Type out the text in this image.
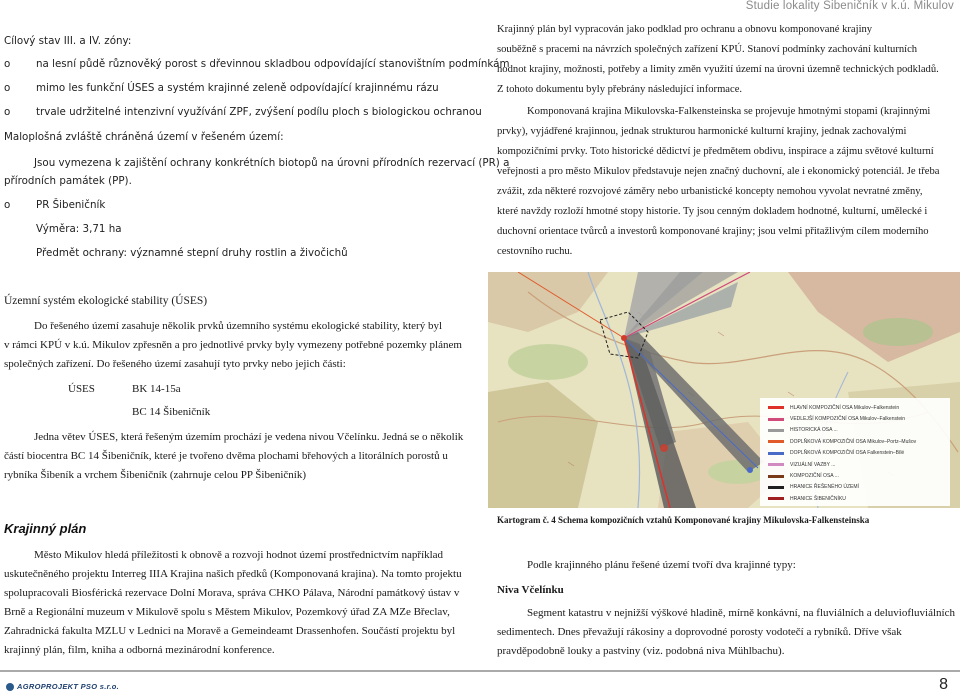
Studie lokality Šibeničník v k.ú. Mikulov
Cílový stav III. a IV. zóny:
o na lesní půdě různověký porost s dřevinnou skladbou odpovídající stanovištním podmínkám
o mimo les funkční ÚSES a systém krajinné zeleně odpovídající krajinnému rázu
o trvale udržitelné intenzivní využívání ZPF, zvýšení podílu ploch s biologickou ochranou
Maloplošná zvláště chráněná území v řešeném území:
Jsou vymezena k zajištění ochrany konkrétních biotopů na úrovni přírodních rezervací (PR) a
přírodních památek (PP).
o PR Šibeničník
Výměra: 3,71 ha
Předmět ochrany: významné stepní druhy rostlin a živočichů
Územní systém ekologické stability (ÚSES)
Do řešeného území zasahuje několik prvků územního systému ekologické stability, který byl
v rámci KPÚ v k.ú. Mikulov zpřesněn a pro jednotlivé prvky byly vymezeny potřebné pozemky plánem
společných zařízení. Do řešeného území zasahují tyto prvky nebo jejich části:
ÚSES	BK 14-15a
BC 14 Šibeničník
Jedna větev ÚSES, která řešeným územím prochází je vedena nivou Včelínku. Jedná se o několik
částí biocentra BC 14 Šibeničník, které je tvořeno dvěma plochami břehových a litorálních porostů u
rybníka Šibeník a vrchem Šibeničník (zahrnuje celou PP Šibeničník)
Krajinný plán
Město Mikulov hledá příležitosti k obnově a rozvoji hodnot území prostřednictvím například
uskutečněného projektu Interreg IIIA Krajina našich předků (Komponovaná krajina). Na tomto projektu
spolupracovali Biosférická rezervace Dolní Morava, správa CHKO Pálava, Národní památkový ústav v
Brně a Regionální muzeum v Mikulově spolu s Městem Mikulov, Pozemkový úřad ZA MZe Břeclav,
Zahradnická fakulta MZLU v Lednici na Moravě a Gemeindeamt Drassenhofen. Součástí projektu byl
krajinný plán, film, kniha a odborná mezinárodní konference.
Krajinný plán byl vypracován jako podklad pro ochranu a obnovu komponované krajiny
souběžně s pracemi na návrzích společných zařízení KPÚ. Stanoví podmínky zachování kulturních
hodnot krajiny, možnosti, potřeby a limity změn využití území na úrovni územně technických podkladů.
Z tohoto dokumentu byly přebrány následující informace.
Komponovaná krajina Mikulovska-Falkensteinska se projevuje hmotnými stopami (krajinnými
prvky), vyjádřené krajinnou, jednak strukturou harmonické kulturní krajiny, jednak zachovalými
kompozičními prvky. Toto historické dědictví je předmětem obdivu, inspirace a zájmu světové kulturní
veřejnosti a pro město Mikulov představuje nejen značný duchovní, ale i ekonomický potenciál. Je třeba
zvážit, zda některé rozvojové záměry nebo urbanistické koncepty nemohou vyvolat nevratné změny,
které navždy rozloží hmotné stopy historie. Ty jsou cenným dokladem hodnotné, kulturní, umělecké i
duchovní orientace tvůrců a investorů komponované krajiny; jsou velmi přitažlivým cílem moderního
cestovního ruchu.
HLAVNÍ KOMPOZIČNÍ OSA Mikulov–Falkenstein
VEDLEJŠÍ KOMPOZIČNÍ OSA Mikulov–Falkenstein
HISTORICKÁ OSA ...
DOPLŇKOVÁ KOMPOZIČNÍ OSA Mikulov–Portz–Mušov
DOPLŇKOVÁ KOMPOZIČNÍ OSA Falkenstein–Bílé
VIZUÁLNÍ VAZBY ...
KOMPOZIČNÍ OSA ...
HRANICE ŘEŠENÉHO ÚZEMÍ
HRANICE ŠIBENIČNÍKU
Kartogram č. 4 Schema kompozičních vztahů Komponované krajiny Mikulovska-Falkensteinska
Podle krajinného plánu řešené území tvoří dva krajinné typy:
Niva Včelínku
Segment katastru v nejnižší výškové hladině, mírně konkávní, na fluviálních a deluviofluviálních
sedimentech. Dnes převažují rákosiny a doprovodné porosty vodotečí a rybníků. Dříve však
pravděpodobně louky a pastviny (viz. podobná niva Mühlbachu).
AGROPROJEKT PSO s.r.o.	8
